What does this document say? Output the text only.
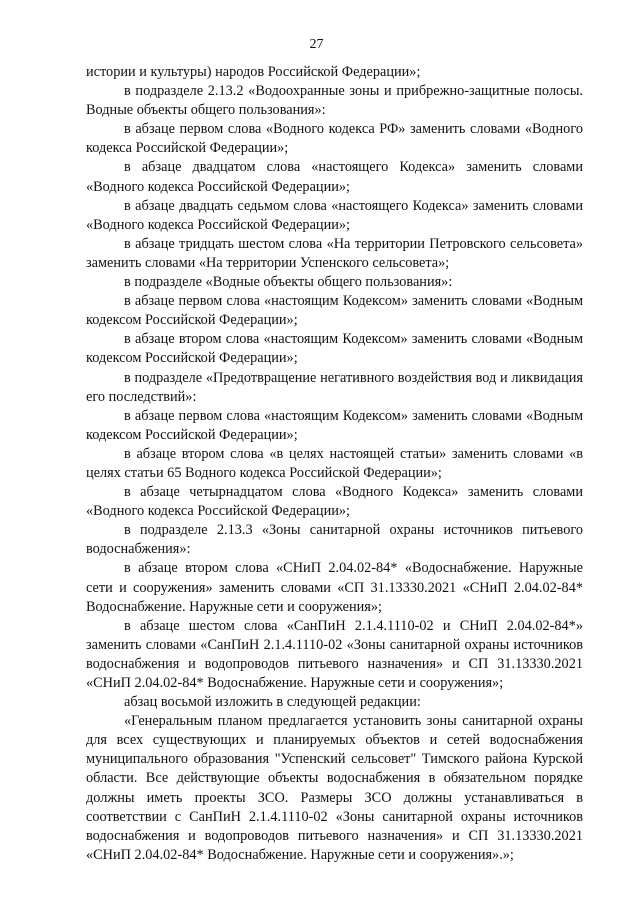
27

истории и культуры) народов Российской Федерации»;

в подразделе 2.13.2 «Водоохранные зоны и прибрежно-защитные полосы. Водные объекты общего пользования»:

в абзаце первом слова «Водного кодекса РФ» заменить словами «Водного кодекса Российской Федерации»;

в абзаце двадцатом слова «настоящего Кодекса» заменить словами «Водного кодекса Российской Федерации»;

в абзаце двадцать седьмом слова «настоящего Кодекса» заменить словами «Водного кодекса Российской Федерации»;

в абзаце тридцать шестом слова «На территории Петровского сельсовета» заменить словами «На территории Успенского сельсовета»;

в подразделе «Водные объекты общего пользования»:

в абзаце первом слова «настоящим Кодексом» заменить словами «Водным кодексом Российской Федерации»;

в абзаце втором слова «настоящим Кодексом» заменить словами «Водным кодексом Российской Федерации»;

в подразделе «Предотвращение негативного воздействия вод и ликвидация его последствий»:

в абзаце первом слова «настоящим Кодексом» заменить словами «Водным кодексом Российской Федерации»;

в абзаце втором слова «в целях настоящей статьи» заменить словами «в целях статьи 65 Водного кодекса Российской Федерации»;

в абзаце четырнадцатом слова «Водного Кодекса» заменить словами «Водного кодекса Российской Федерации»;

в подразделе 2.13.3 «Зоны санитарной охраны источников питьевого водоснабжения»:

в абзаце втором слова «СНиП 2.04.02-84* «Водоснабжение. Наружные сети и сооружения» заменить словами «СП 31.13330.2021 «СНиП 2.04.02-84* Водоснабжение. Наружные сети и сооружения»;

в абзаце шестом слова «СанПиН 2.1.4.1110-02 и СНиП 2.04.02-84*» заменить словами «СанПиН 2.1.4.1110-02 «Зоны санитарной охраны источников водоснабжения и водопроводов питьевого назначения» и СП 31.13330.2021 «СНиП 2.04.02-84* Водоснабжение. Наружные сети и сооружения»;

абзац восьмой изложить в следующей редакции:

«Генеральным планом предлагается установить зоны санитарной охраны для всех существующих и планируемых объектов и сетей водоснабжения муниципального образования "Успенский сельсовет" Тимского района Курской области. Все действующие объекты водоснабжения в обязательном порядке должны иметь проекты ЗСО. Размеры ЗСО должны устанавливаться в соответствии с СанПиН 2.1.4.1110-02 «Зоны санитарной охраны источников водоснабжения и водопроводов питьевого назначения» и СП 31.13330.2021 «СНиП 2.04.02-84* Водоснабжение. Наружные сети и сооружения».»;
